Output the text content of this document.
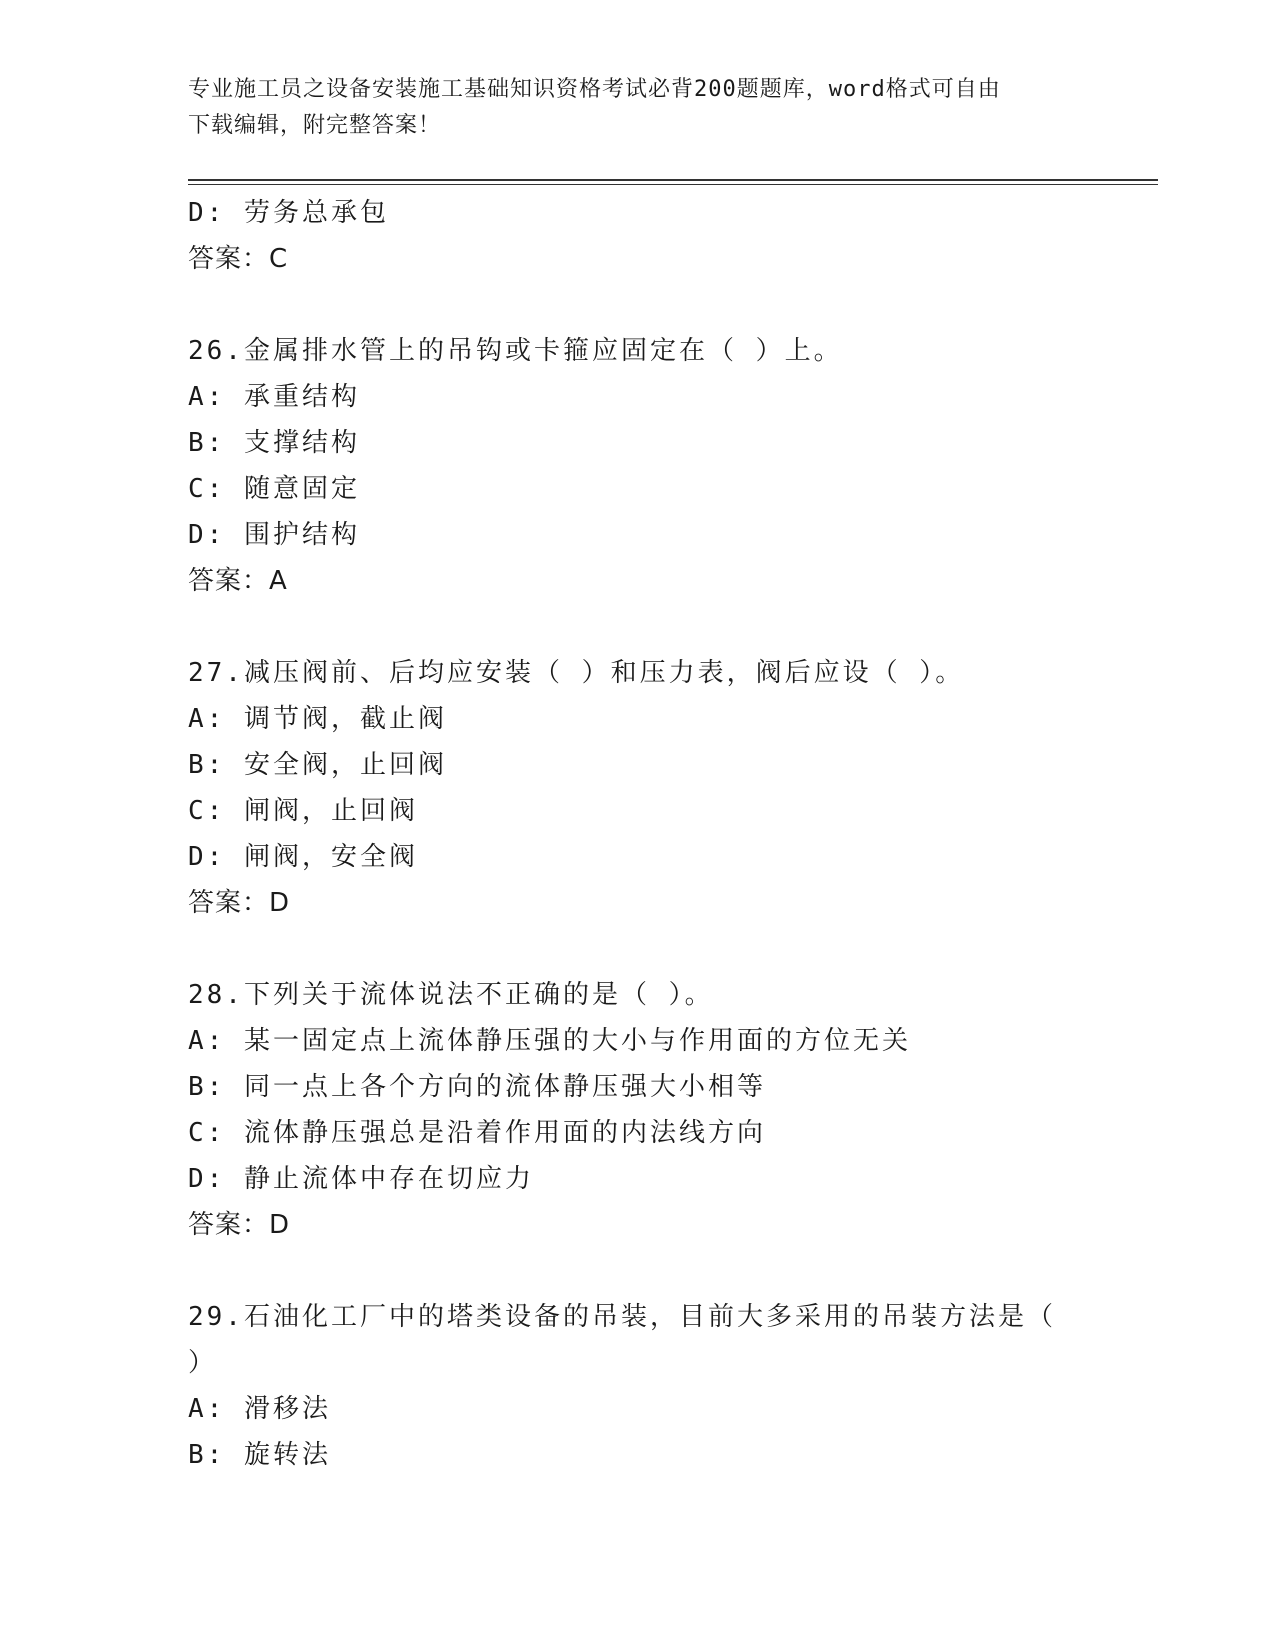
专业施工员之设备安装施工基础知识资格考试必背200题题库，word格式可自由
下载编辑，附完整答案！
D: 劳务总承包
答案：C
26.金属排水管上的吊钩或卡箍应固定在（ ）上。
A: 承重结构
B: 支撑结构
C: 随意固定
D: 围护结构
答案：A
27.减压阀前、后均应安装（ ）和压力表，阀后应设（ ）。
A: 调节阀，截止阀
B: 安全阀，止回阀
C: 闸阀，止回阀
D: 闸阀，安全阀
答案：D
28.下列关于流体说法不正确的是（ ）。
A: 某一固定点上流体静压强的大小与作用面的方位无关
B: 同一点上各个方向的流体静压强大小相等
C: 流体静压强总是沿着作用面的内法线方向
D: 静止流体中存在切应力
答案：D
29.石油化工厂中的塔类设备的吊装，目前大多采用的吊装方法是（
）
A: 滑移法
B: 旋转法
